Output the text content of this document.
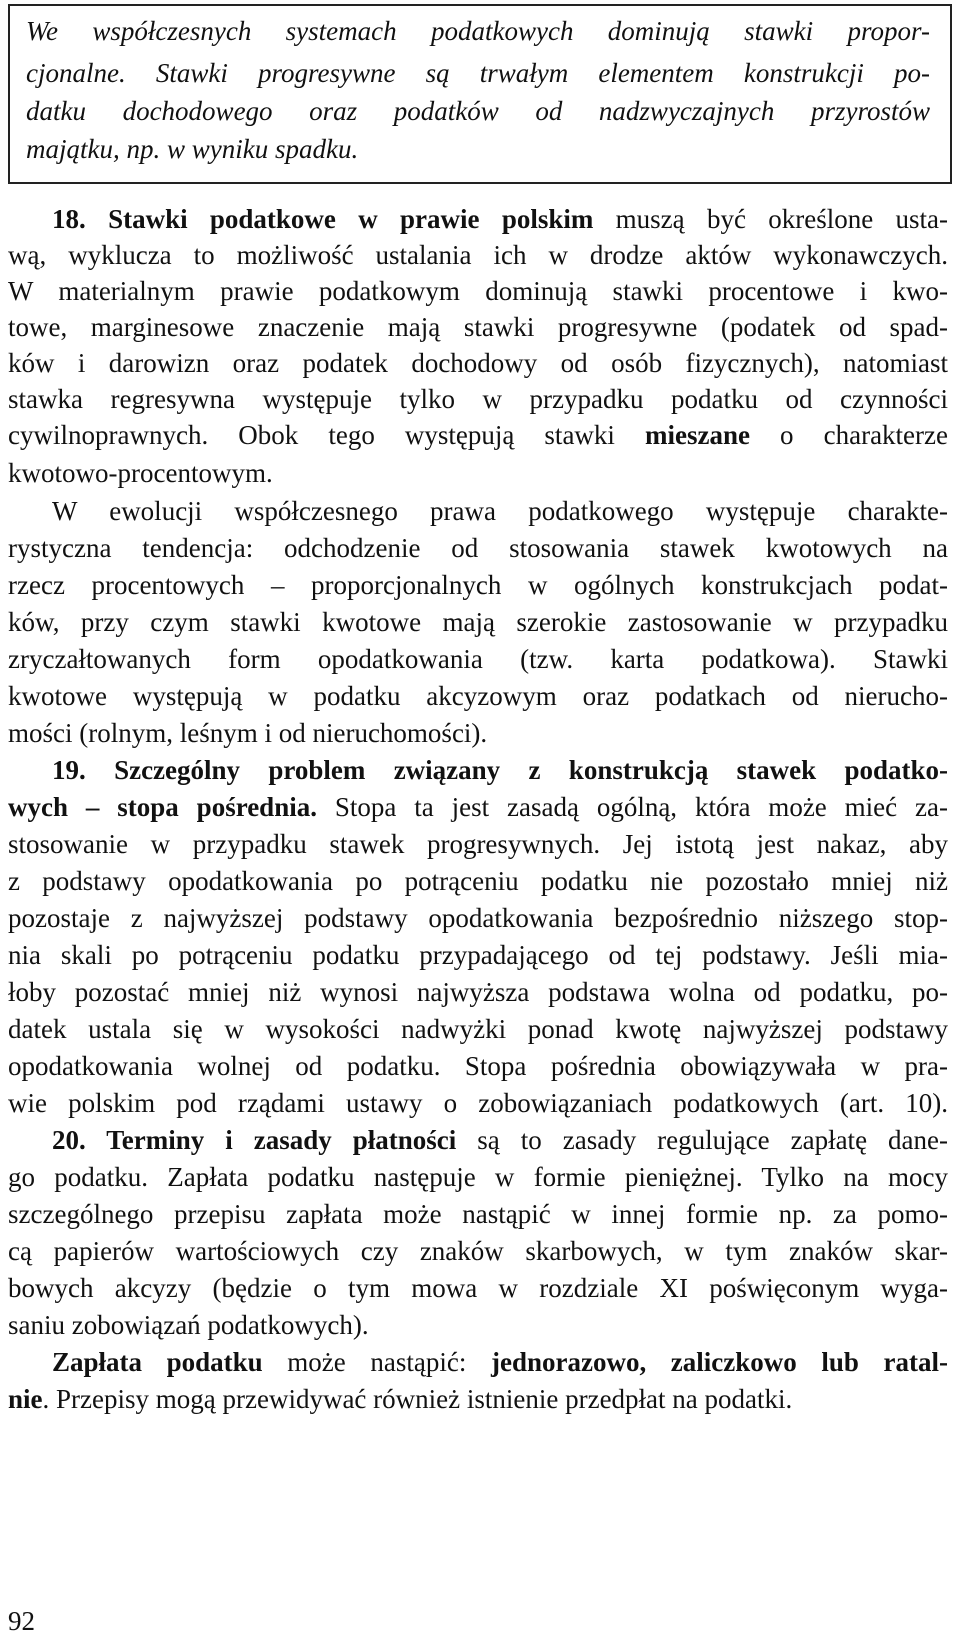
We współczesnych systemach podatkowych dominują stawki propor-
cjonalne. Stawki progresywne są trwałym elementem konstrukcji po-
datku dochodowego oraz podatków od nadzwyczajnych przyrostów
majątku, np. w wyniku spadku.
18. Stawki podatkowe w prawie polskim muszą być określone usta-
wą, wyklucza to możliwość ustalania ich w drodze aktów wykonawczych.
W materialnym prawie podatkowym dominują stawki procentowe i kwo-
towe, marginesowe znaczenie mają stawki progresywne (podatek od spad-
ków i darowizn oraz podatek dochodowy od osób fizycznych), natomiast
stawka regresywna występuje tylko w przypadku podatku od czynności
cywilnoprawnych. Obok tego występują stawki mieszane o charakterze
kwotowo-procentowym.
W ewolucji współczesnego prawa podatkowego występuje charakte-
rystyczna tendencja: odchodzenie od stosowania stawek kwotowych na
rzecz procentowych – proporcjonalnych w ogólnych konstrukcjach podat-
ków, przy czym stawki kwotowe mają szerokie zastosowanie w przypadku
zryczałtowanych form opodatkowania (tzw. karta podatkowa). Stawki
kwotowe występują w podatku akcyzowym oraz podatkach od nierucho-
mości (rolnym, leśnym i od nieruchomości).
19. Szczególny problem związany z konstrukcją stawek podatko-
wych – stopa pośrednia. Stopa ta jest zasadą ogólną, która może mieć za-
stosowanie w przypadku stawek progresywnych. Jej istotą jest nakaz, aby
z podstawy opodatkowania po potrąceniu podatku nie pozostało mniej niż
pozostaje z najwyższej podstawy opodatkowania bezpośrednio niższego stop-
nia skali po potrąceniu podatku przypadającego od tej podstawy. Jeśli mia-
łoby pozostać mniej niż wynosi najwyższa podstawa wolna od podatku, po-
datek ustala się w wysokości nadwyżki ponad kwotę najwyższej podstawy
opodatkowania wolnej od podatku. Stopa pośrednia obowiązywała w pra-
wie polskim pod rządami ustawy o zobowiązaniach podatkowych (art. 10).
20. Terminy i zasady płatności są to zasady regulujące zapłatę dane-
go podatku. Zapłata podatku następuje w formie pieniężnej. Tylko na mocy
szczególnego przepisu zapłata może nastąpić w innej formie np. za pomo-
cą papierów wartościowych czy znaków skarbowych, w tym znaków skar-
bowych akcyzy (będzie o tym mowa w rozdziale XI poświęconym wyga-
saniu zobowiązań podatkowych).
Zapłata podatku może nastąpić: jednorazowo, zaliczkowo lub ratal-
nie. Przepisy mogą przewidywać również istnienie przedpłat na podatki.
92
